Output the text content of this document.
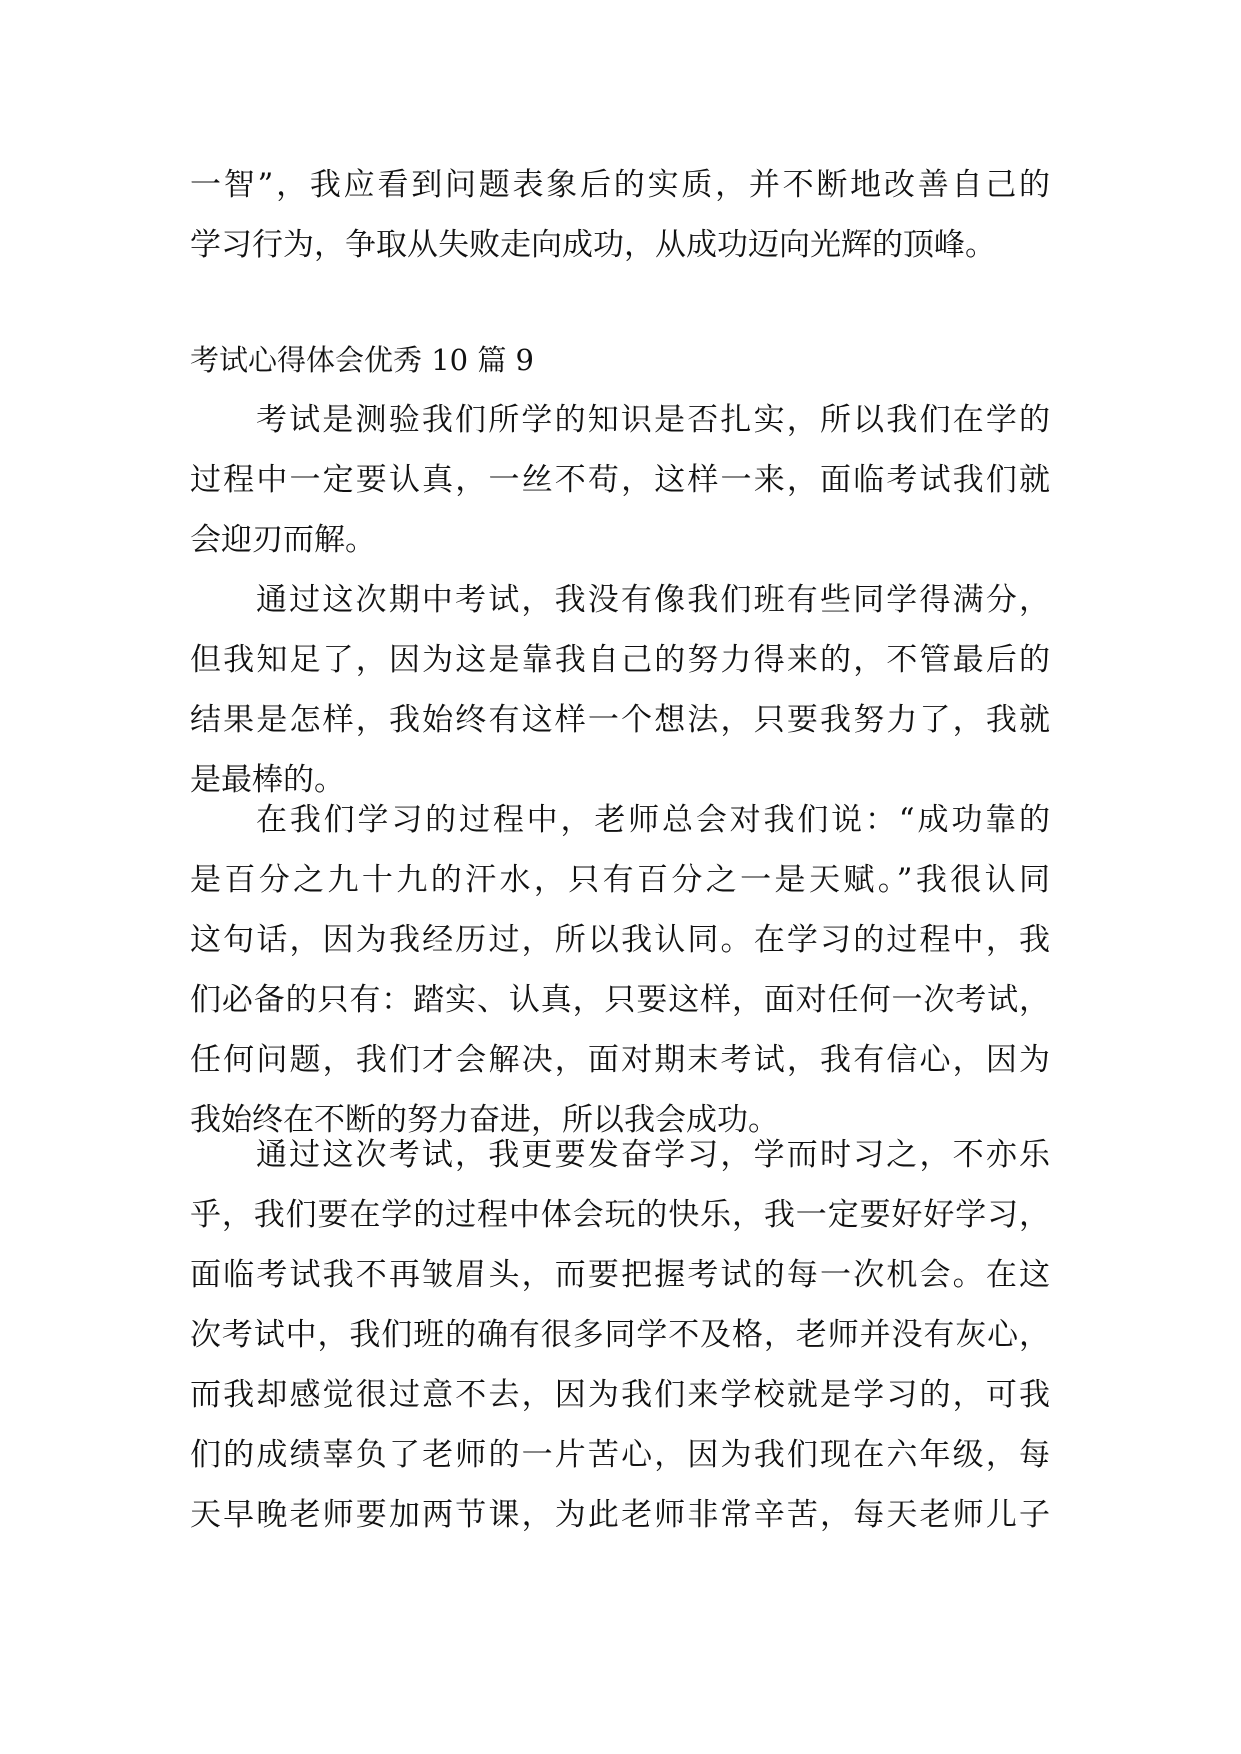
一智”，我应看到问题表象后的实质，并不断地改善自己的
学习行为，争取从失败走向成功，从成功迈向光辉的顶峰。
考试心得体会优秀 10 篇 9
考试是测验我们所学的知识是否扎实，所以我们在学的
过程中一定要认真，一丝不苟，这样一来，面临考试我们就
会迎刃而解。
通过这次期中考试，我没有像我们班有些同学得满分，
但我知足了，因为这是靠我自己的努力得来的，不管最后的
结果是怎样，我始终有这样一个想法，只要我努力了，我就
是最棒的。
在我们学习的过程中，老师总会对我们说：“成功靠的
是百分之九十九的汗水，只有百分之一是天赋。”我很认同
这句话，因为我经历过，所以我认同。在学习的过程中，我
们必备的只有：踏实、认真，只要这样，面对任何一次考试，
任何问题，我们才会解决，面对期末考试，我有信心，因为
我始终在不断的努力奋进，所以我会成功。
通过这次考试，我更要发奋学习，学而时习之，不亦乐
乎，我们要在学的过程中体会玩的快乐，我一定要好好学习，
面临考试我不再皱眉头，而要把握考试的每一次机会。在这
次考试中，我们班的确有很多同学不及格，老师并没有灰心，
而我却感觉很过意不去，因为我们来学校就是学习的，可我
们的成绩辜负了老师的一片苦心，因为我们现在六年级，每
天早晚老师要加两节课，为此老师非常辛苦，每天老师儿子
